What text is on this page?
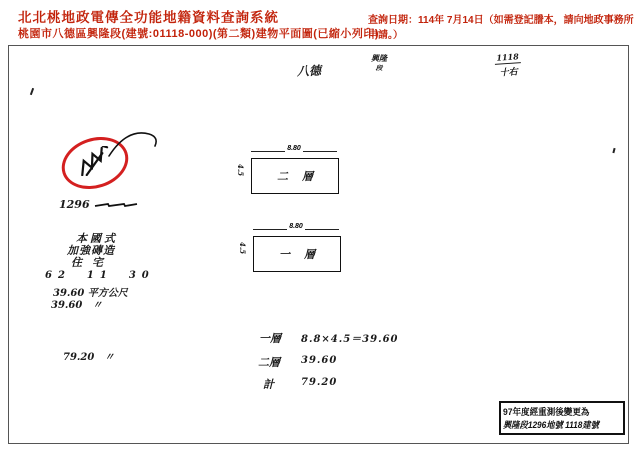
北北桃地政電傳全功能地籍資料查詢系統	查詢日期：114年 7月14日（如需登記謄本，請向地政事務所申請。）
桃園市八德區興隆段(建號:01118-000)(第二類)建物平面圖(已縮小列印)
八德
興隆
段
1118
十右
1296
本國式
加強磚造
住宅
62　11　30
39.60 平方公尺
39.60　〃
79.20　〃
8.80
4.5	二層
8.80
4.5	一層
一層 8.8×4.5＝39.60
二層 39.60
計	79.20
97年度經重測後變更為
興隆段1296地號 1118建號
